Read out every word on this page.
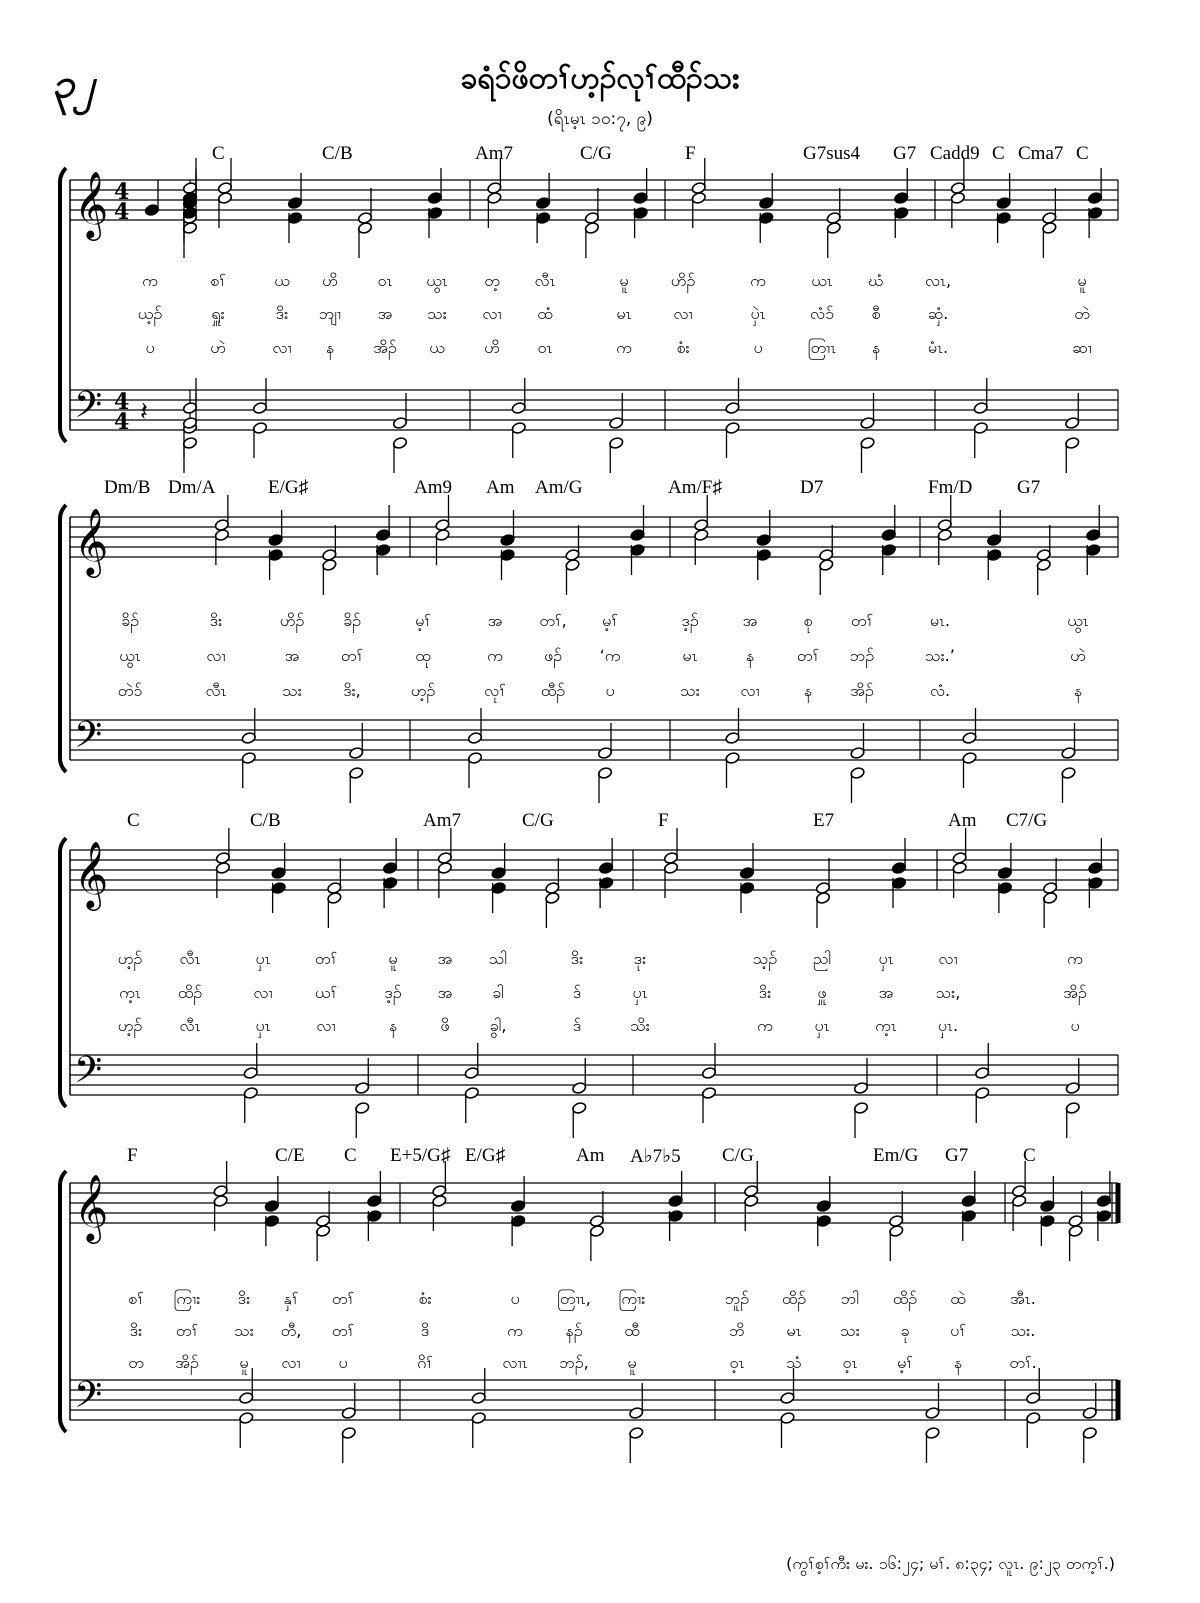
၃၂	ခရံၥ်ဖိတၢ်ဟ့ၣ်လုၢ်ထီၣ်သး
(ရိၤမ့ၤ ၁၀:၇, ၉)
𝄞
𝄢
4
4
4
4 𝄽
𝄞
𝄢
𝄞
𝄢
𝄞
𝄢
C	C/B	Am7	C/G	F	G7sus4 G7 Cadd9 C Cma7 C
က	စၢ်	ယ ဟိ ဝၤ ယွၤ တ့ လီၤ	မူ	ဟိၣ်	က	ယၤ ဃံ	လၤ,	မူ
ယ့ၣ်	ရှူး	ဒိး ဘျၢ အ သး လၢ ထံ	မၤ	လၢ	ပှဲၤ	လံၥ် စီ	ဆှံ.	တဲ
ပ	ဟဲ	လၢ န အိၣ် ယ ဟိ ဝၤ	က	စံး	ပ	တြၢၤ န	မံၤ.	ဆၢ
Dm/B Dm/A	E/G♯	Am9 Am Am/G	Am/F♯	D7	Fm/D G7
ခိၣ်	ဒိး	ဟိၣ် ခိၣ်	မ့ၢ်	အ တၢ်, မ့ၢ်	ဒ့ၣ်	အ	စု တၢ်	မၤ.	ယွၤ
ယွၤ	လၢ	အ	တၢ်	ထု	က	ဖၣ် ‘က	မၤ	န	တၢ် ဘၣ်	သး.’	ဟဲ
တဲၥ်	လီၤ	သး	ဒိး,	ဟ့ၣ်	လုၢ် ထီၣ်	ပ	သး	လၢ	န အိၣ်	လံ.	န
C	C/B	Am7	C/G	F	E7	Am C7/G
ဟ့ၣ် လီၤ	ပှၤ	တၢ်	မူ	အ သါ	ဒိး	ဒုး	သ့ၣ် ညါ	ပှၤ	လၢ	က
က့ၤ ထိၣ်	လၢ	ယၢ်	ဒ့ၣ် အ ခါ	ဒ်	ပှၤ	ဒိး	ဖှူ	အ	သး,	အိၣ်
ဟ့ၣ် လီၤ	ပှၤ	လၢ	န	ဖိ	ခွါ,	ဒ်	သိး	က	ပှၤ	က့ၤ	ပှၤ.	ပ
F	C/E C E+5/G♯ E/G♯	Am A♭7♭5 C/G	Em/G G7	C
စၢ် ကြၢး ဒိး နှၢ် တၢ်	စံး	ပ တြၢၤ, ကြၢး	ဘူၣ် ထိၣ် ဘါ ထိၣ် ထဲ	အီၤ.
ဒိး တၢ် သး တီ, တၢ်	ဒိ	က	နၣ်	ထီ	ဘိ	မၤ သး	ခု	ပၢ်	သး.
တ အိၣ်	မူ လၢ ပ	ဂိၢ်	လၢၤ ဘၣ်, မူ	ဝ့ၤ	သံ	ဝ့ၤ မ့ၢ်	န	တၢ်.
(ကွၢ်စ့ၢ်ကီး မး. ၁၆:၂၄; မၢ်. ၈:၃၄; လူၤ. ၉:၂၃ တက့ၢ်.)
